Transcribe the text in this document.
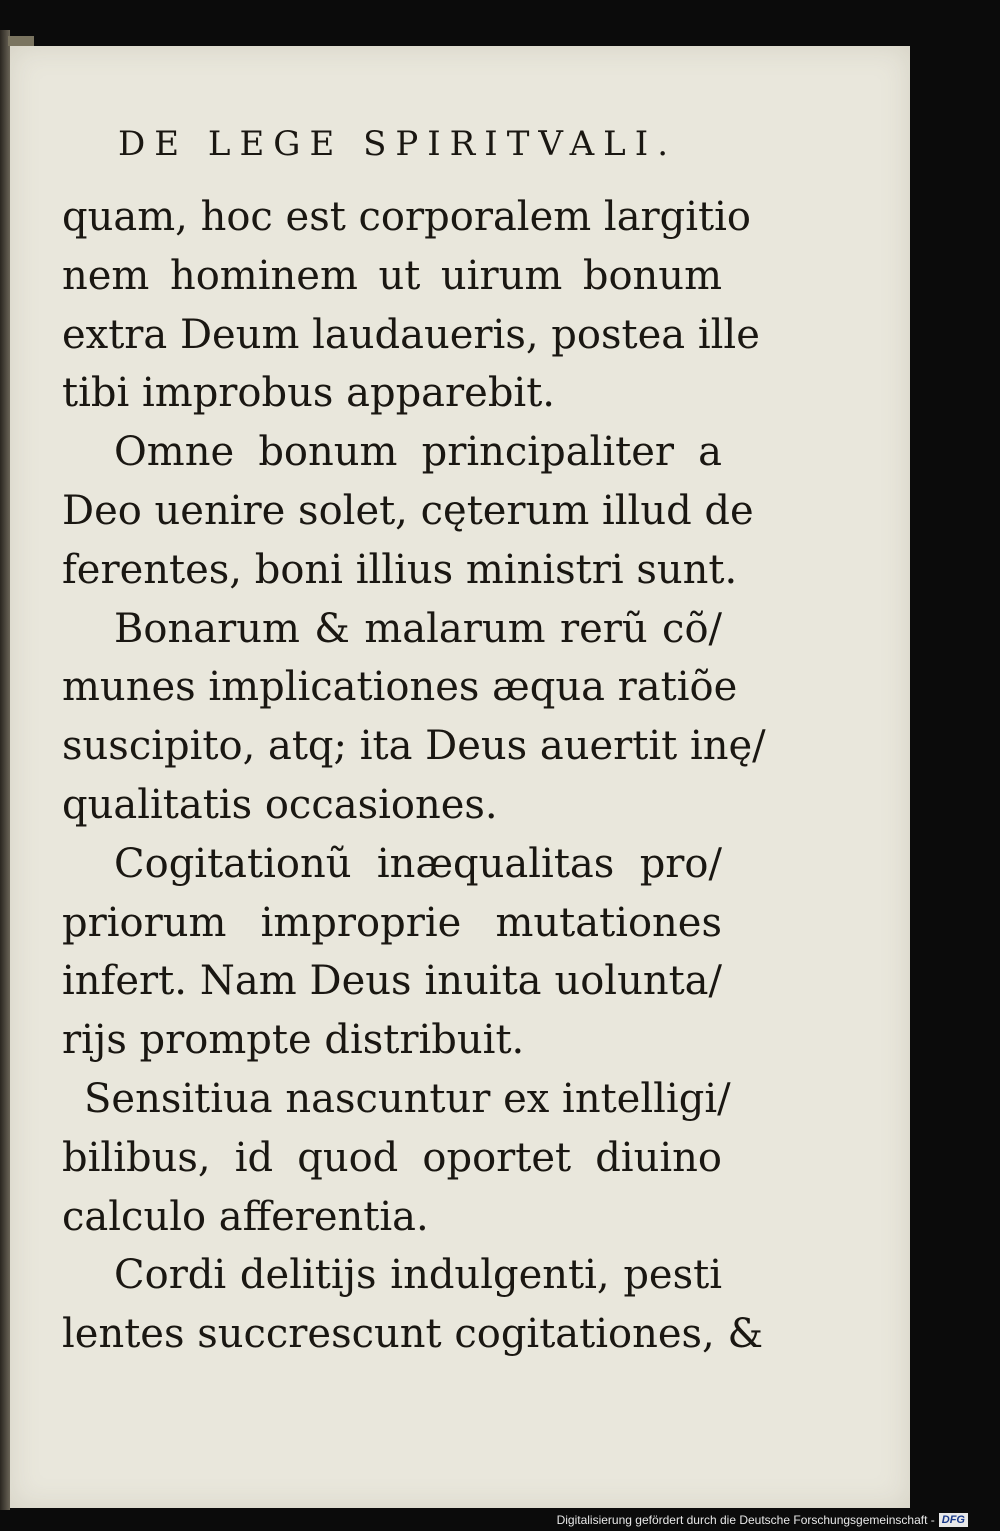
DE LEGE SPIRITVALI.
quam, hoc est corporalem largitio
nem hominem ut uirum bonum
extra Deum laudaueris, postea ille
tibi improbus apparebit.
Omne bonum principaliter a
Deo uenire solet, cęterum illud de
ferentes, boni illius ministri sunt.
Bonarum & malarum rerũ cõ/
munes implicationes æqua ratiõe
suscipito, atq; ita Deus auertit inę/
qualitatis occasiones.
Cogitationũ inæqualitas pro/
priorum improprie mutationes
infert. Nam Deus inuita uolunta/
rijs prompte distribuit.
Sensitiua nascuntur ex intelligi/
bilibus, id quod oportet diuino
calculo afferentia.
Cordi delitijs indulgenti, pesti
lentes succrescunt cogitationes, &
Digitalisierung gefördert durch die Deutsche Forschungsgemeinschaft - DFG
